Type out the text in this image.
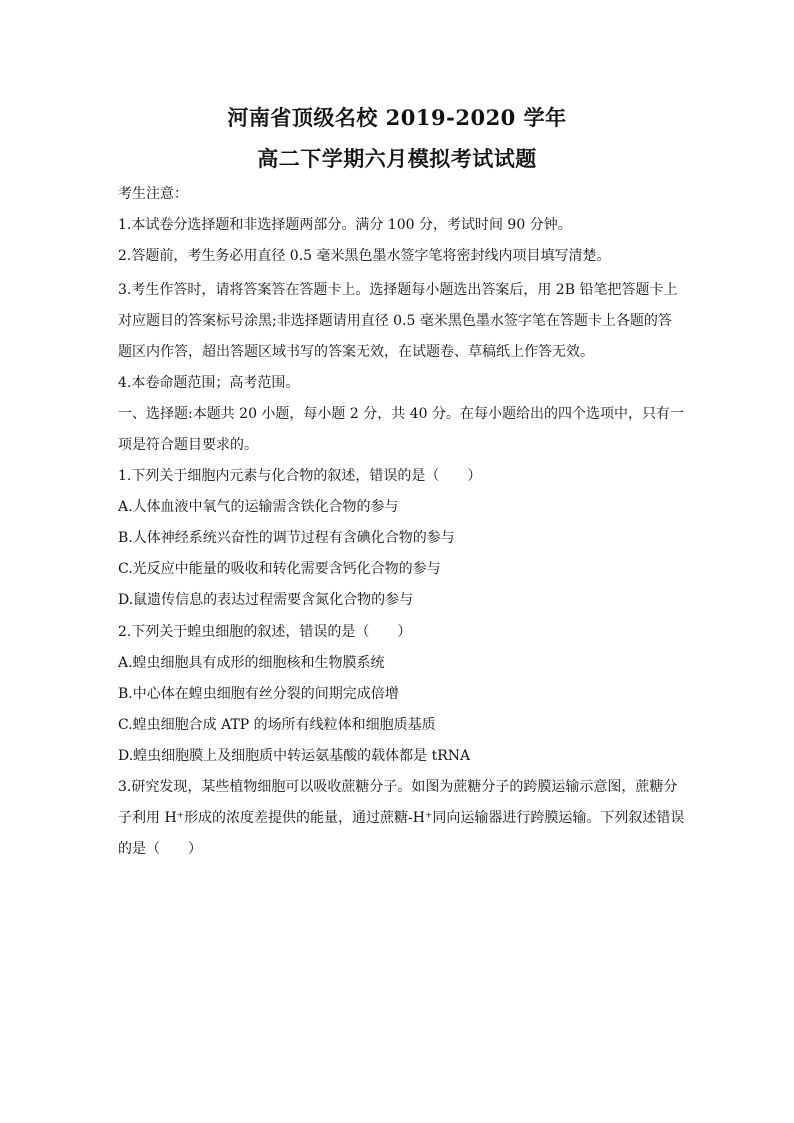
河南省顶级名校 2019-2020 学年
高二下学期六月模拟考试试题
考生注意：
1.本试卷分选择题和非选择题两部分。满分 100 分，考试时间 90 分钟。
2.答题前，考生务必用直径 0.5 毫米黑色墨水签字笔将密封线内项目填写清楚。
3.考生作答时，请将答案答在答题卡上。选择题每小题选出答案后，用 2B 铅笔把答题卡上
对应题目的答案标号涂黑;非选择题请用直径 0.5 毫米黑色墨水签字笔在答题卡上各题的答
题区内作答，超出答题区域书写的答案无效，在试题卷、草稿纸上作答无效。
4.本卷命题范围；高考范围。
一、选择题:本题共 20 小题，每小题 2 分，共 40 分。在每小题给出的四个选项中，只有一
项是符合题目要求的。
1.下列关于细胞内元素与化合物的叙述，错误的是（　　）
A.人体血液中氧气的运输需含铁化合物的参与
B.人体神经系统兴奋性的调节过程有含碘化合物的参与
C.光反应中能量的吸收和转化需要含钙化合物的参与
D.鼠遗传信息的表达过程需要含氮化合物的参与
2.下列关于蝗虫细胞的叙述，错误的是（　　）
A.蝗虫细胞具有成形的细胞核和生物膜系统
B.中心体在蝗虫细胞有丝分裂的间期完成倍增
C.蝗虫细胞合成 ATP 的场所有线粒体和细胞质基质
D.蝗虫细胞膜上及细胞质中转运氨基酸的载体都是 tRNA
3.研究发现，某些植物细胞可以吸收蔗糖分子。如图为蔗糖分子的跨膜运输示意图，蔗糖分
子利用 H⁺形成的浓度差提供的能量，通过蔗糖-H⁺同向运输器进行跨膜运输。下列叙述错误
的是（　　）
